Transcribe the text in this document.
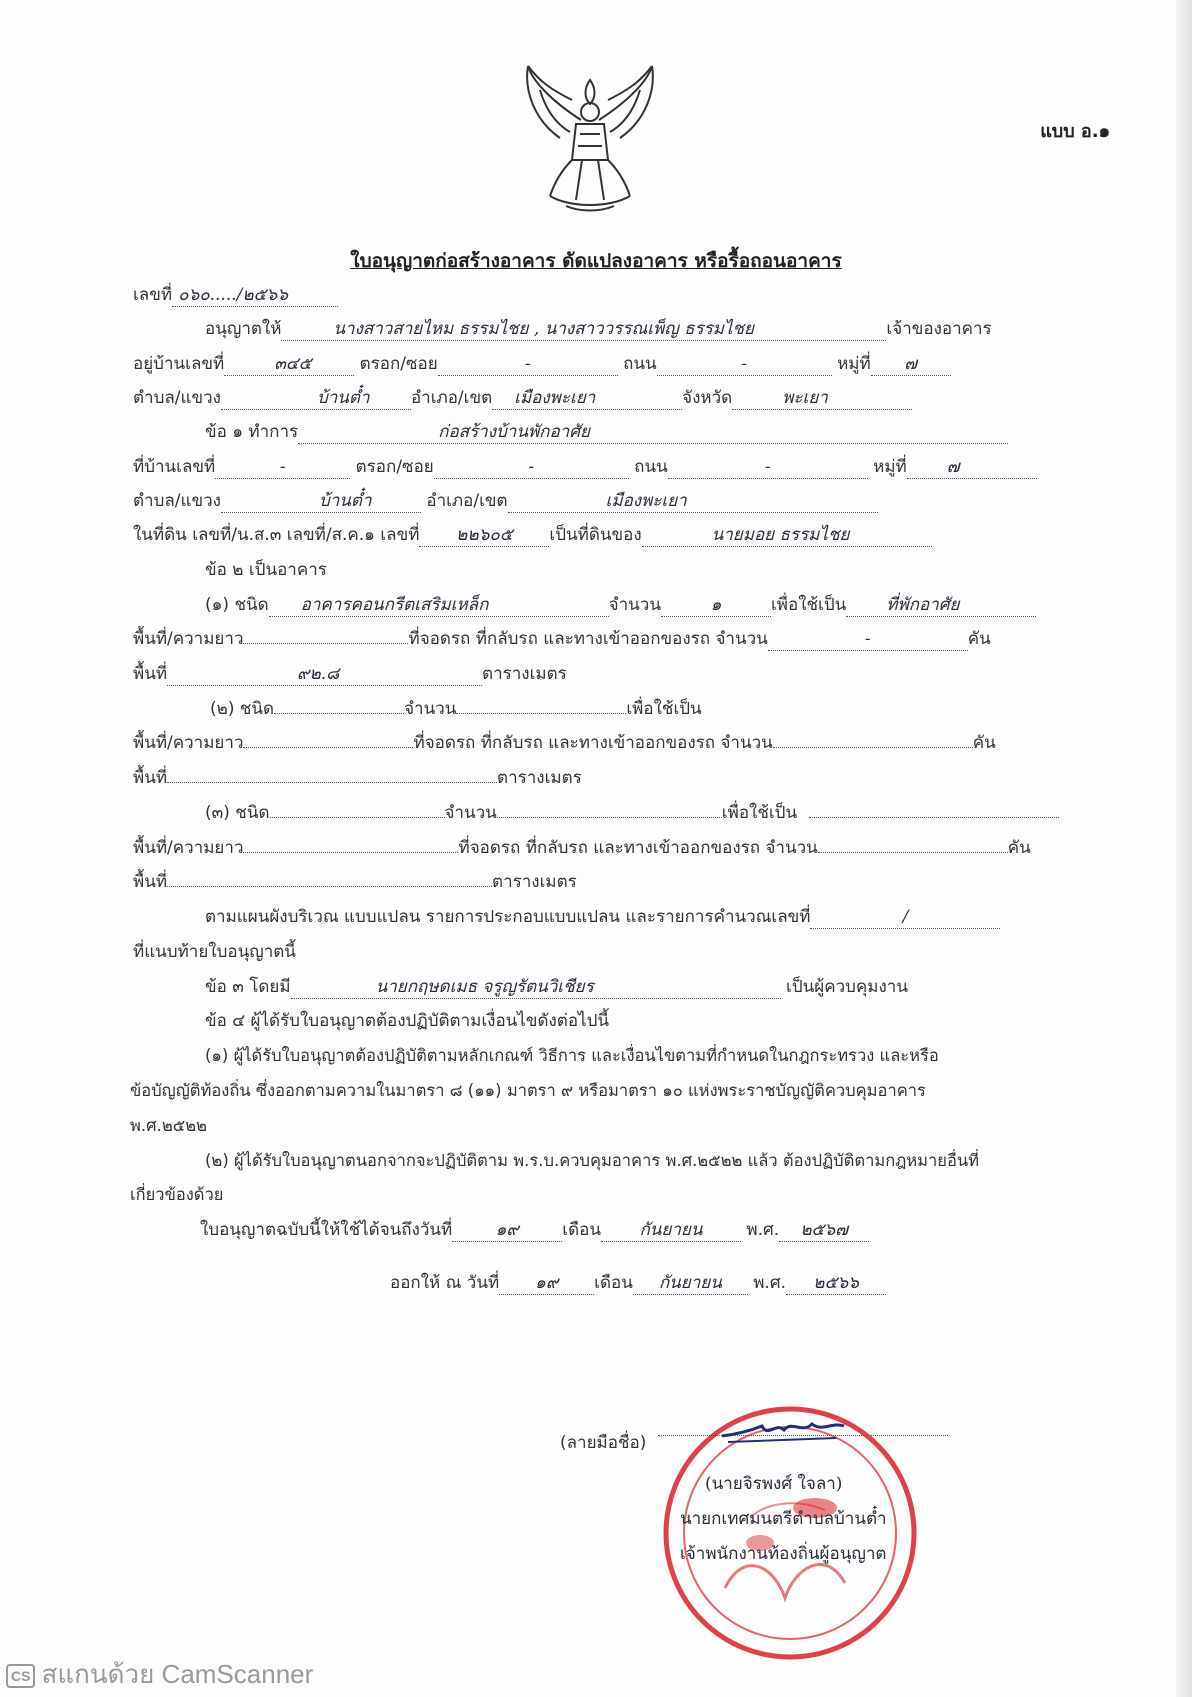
แบบ อ.๑
ใบอนุญาตก่อสร้างอาคาร ดัดแปลงอาคาร หรือรื้อถอนอาคาร
เลขที่ ๐๖๐...../๒๕๖๖
อนุญาตให้	นางสาวสายไหม ธรรมไชย , นางสาววรรณเพ็ญ ธรรมไชย	เจ้าของอาคาร
อยู่บ้านเลขที่	๓๔๕	ตรอก/ซอย	-	ถนน	-	หมู่ที่ ๗
ตำบล/แขวง	บ้านต๋ำ อำเภอ/เขต เมืองพะเยา	จังหวัด	พะเยา
ข้อ ๑ ทำการ	ก่อสร้างบ้านพักอาศัย
ที่บ้านเลขที่	-	ตรอก/ซอย	-	ถนน	-	หมู่ที่ ๗
ตำบล/แขวง	บ้านต๋ำ	อำเภอ/เขต	เมืองพะเยา
ในที่ดิน เลขที่/น.ส.๓ เลขที่/ส.ค.๑ เลขที่ ๒๒๖๐๕ เป็นที่ดินของ	นายมอย ธรรมไชย
ข้อ ๒ เป็นอาคาร
(๑) ชนิด อาคารคอนกรีตเสริมเหล็ก	จำนวน	๑	เพื่อใช้เป็น ที่พักอาศัย
พื้นที่/ความยาว	ที่จอดรถ ที่กลับรถ และทางเข้าออกของรถ จำนวน	-	คัน
พื้นที่	๙๒.๘	ตารางเมตร
(๒) ชนิด	จำนวน	เพื่อใช้เป็น
พื้นที่/ความยาว	ที่จอดรถ ที่กลับรถ และทางเข้าออกของรถ จำนวน	คัน
พื้นที่	ตารางเมตร
(๓) ชนิด	จำนวน	เพื่อใช้เป็น
พื้นที่/ความยาว	ที่จอดรถ ที่กลับรถ และทางเข้าออกของรถ จำนวน	คัน
พื้นที่	ตารางเมตร
ตามแผนผังบริเวณ แบบแปลน รายการประกอบแบบแปลน และรายการคำนวณเลขที่	/
ที่แนบท้ายใบอนุญาตนี้
ข้อ ๓ โดยมี	นายกฤษดเมธ จรูญรัตนวิเชียร	เป็นผู้ควบคุมงาน
ข้อ ๔ ผู้ได้รับใบอนุญาตต้องปฏิบัติตามเงื่อนไขดังต่อไปนี้
(๑) ผู้ได้รับใบอนุญาตต้องปฏิบัติตามหลักเกณฑ์ วิธีการ และเงื่อนไขตามที่กำหนดในกฎกระทรวง และหรือ
ข้อบัญญัติท้องถิ่น ซึ่งออกตามความในมาตรา ๘ (๑๑) มาตรา ๙ หรือมาตรา ๑๐ แห่งพระราชบัญญัติควบคุมอาคาร
พ.ศ.๒๕๒๒
(๒) ผู้ได้รับใบอนุญาตนอกจากจะปฏิบัติตาม พ.ร.บ.ควบคุมอาคาร พ.ศ.๒๕๒๒ แล้ว ต้องปฏิบัติตามกฎหมายอื่นที่
เกี่ยวข้องด้วย
ใบอนุญาตฉบับนี้ให้ใช้ได้จนถึงวันที่	๑๙	เดือน กันยายน	พ.ศ. ๒๕๖๗
ออกให้ ณ วันที่ ๑๙ เดือน กันยายน พ.ศ. ๒๕๖๖
(ลายมือชื่อ)
(นายจิรพงศ์ ใจลา)
นายกเทศมนตรีตำบลบ้านต๋ำ
เจ้าพนักงานท้องถิ่นผู้อนุญาต
CS สแกนด้วย CamScanner
